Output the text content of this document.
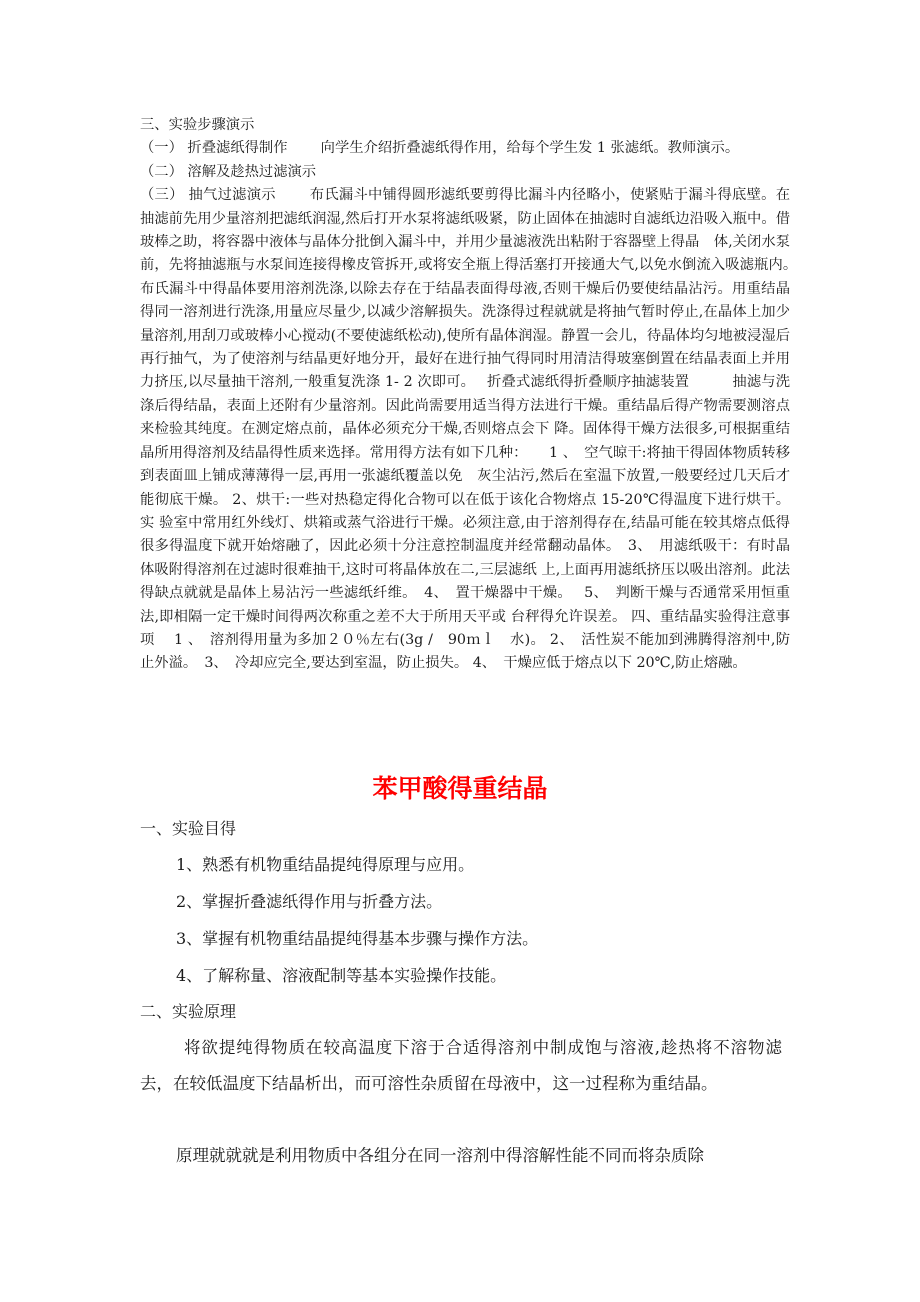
三、实验步骤演示

（一） 折叠滤纸得制作　　 向学生介绍折叠滤纸得作用，给每个学生发 1 张滤纸。教师演示。

（二） 溶解及趁热过滤演示

（三） 抽气过滤演示　　 布氏漏斗中铺得圆形滤纸要剪得比漏斗内径略小，使紧贴于漏斗得底壁。在抽滤前先用少量溶剂把滤纸润湿,然后打开水泵将滤纸吸紧，防止固体在抽滤时自滤纸边沿吸入瓶中。借玻棒之助，将容器中液体与晶体分批倒入漏斗中，并用少量滤液洗出粘附于容器壁上得晶　体,关闭水泵前，先将抽滤瓶与水泵间连接得橡皮管拆开,或将安全瓶上得活塞打开接通大气,以免水倒流入吸滤瓶内。　 布氏漏斗中得晶体要用溶剂洗涤,以除去存在于结晶表面得母液,否则干燥后仍要使结晶沾污。用重结晶得同一溶剂进行洗涤,用量应尽量少,以减少溶解损失。洗涤得过程就就是将抽气暂时停止,在晶体上加少量溶剂,用刮刀或玻棒小心搅动(不要使滤纸松动),使所有晶体润湿。静置一会儿，待晶体均匀地被浸湿后再行抽气，为了使溶剂与结晶更好地分开，最好在进行抽气得同时用清洁得玻塞倒置在结晶表面上并用力挤压,以尽量抽干溶剂,一般重复洗涤 1- 2 次即可。　 折叠式滤纸得折叠顺序抽滤装置　　　抽滤与洗涤后得结晶，表面上还附有少量溶剂。因此尚需要用适当得方法进行干燥。重结晶后得产物需要测溶点来检验其纯度。在测定熔点前，晶体必须充分干燥,否则熔点会下 降。固体得干燥方法很多,可根据重结晶所用得溶剂及结晶得性质来选择。常用得方法有如下几种：　　1 、　空气晾干:将抽干得固体物质转移到表面皿上铺成薄薄得一层,再用一张滤纸覆盖以免　灰尘沾污,然后在室温下放置,一般要经过几天后才能彻底干燥。 2、烘干:一些对热稳定得化合物可以在低于该化合物熔点 15-20℃得温度下进行烘干。实 验室中常用红外线灯、烘箱或蒸气浴进行干燥。必须注意,由于溶剂得存在,结晶可能在较其熔点低得很多得温度下就开始熔融了，因此必须十分注意控制温度并经常翻动晶体。　3、　用滤纸吸干：有时晶体吸附得溶剂在过滤时很难抽干,这时可将晶体放在二,三层滤纸 上,上面再用滤纸挤压以吸出溶剂。此法得缺点就就是晶体上易沾污一些滤纸纤维。　4、　置干燥器中干燥。　 5、　判断干燥与否通常采用恒重法,即相隔一定干燥时间得两次称重之差不大于所用天平或 台秤得允许误差。 四、重结晶实验得注意事项　 1 、　溶剂得用量为多加２０％左右(3g /　90ｍｌ　水)。 2、　活性炭不能加到沸腾得溶剂中,防止外溢。　3、　冷却应完全,要达到室温，防止损失。 4、　干燥应低于熔点以下 20℃,防止熔融。

苯甲酸得重结晶

一、实验目得

1、熟悉有机物重结晶提纯得原理与应用。

2、掌握折叠滤纸得作用与折叠方法。

3、掌握有机物重结晶提纯得基本步骤与操作方法。

4、了解称量、溶液配制等基本实验操作技能。

二、实验原理

将欲提纯得物质在较高温度下溶于合适得溶剂中制成饱与溶液,趁热将不溶物滤去，在较低温度下结晶析出，而可溶性杂质留在母液中，这一过程称为重结晶。

原理就就就是利用物质中各组分在同一溶剂中得溶解性能不同而将杂质除
